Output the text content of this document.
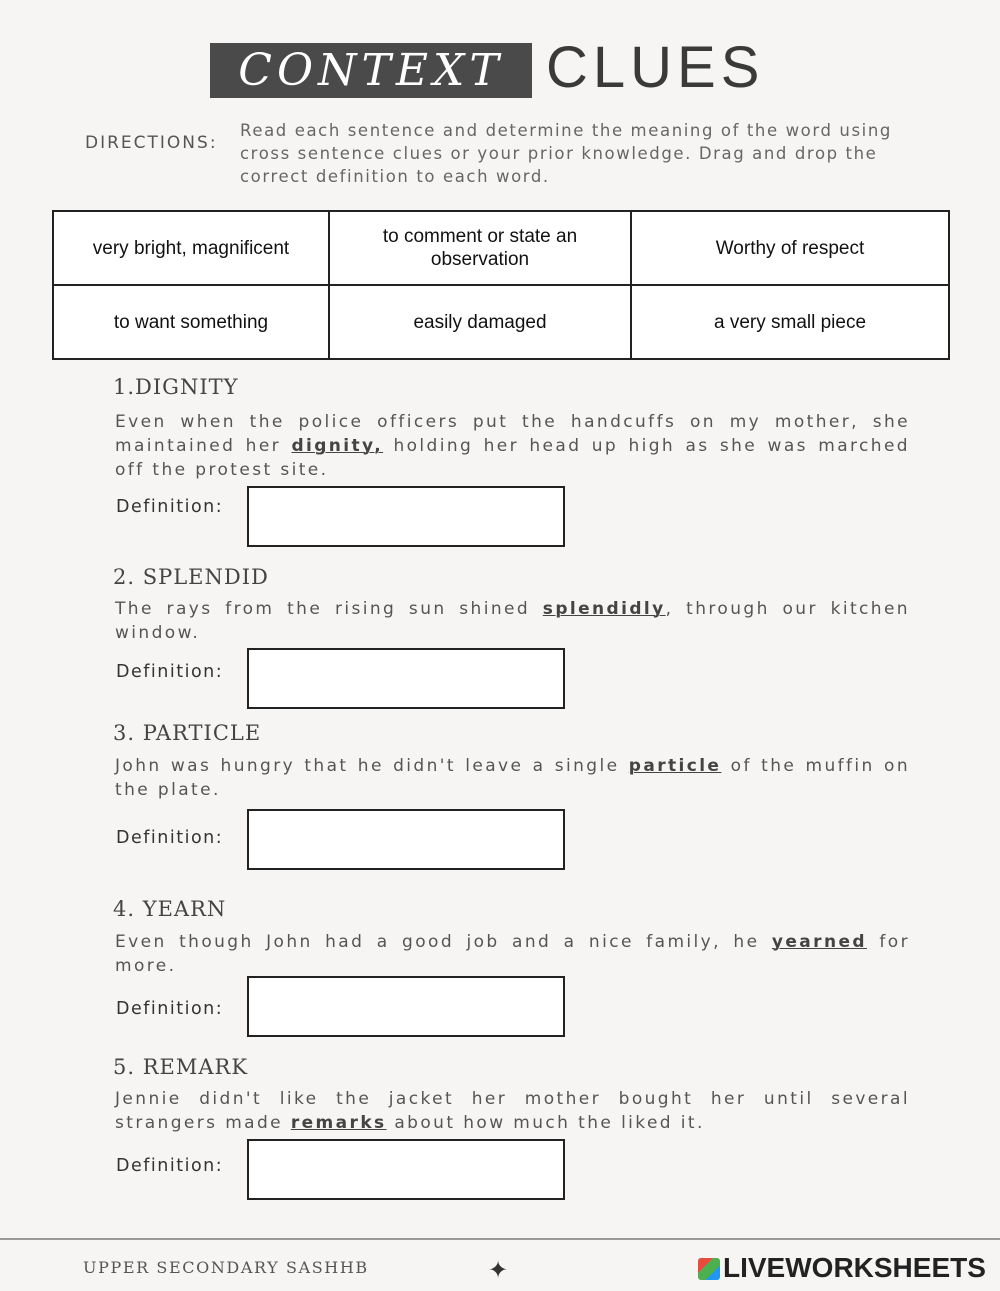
CONTEXT CLUES
DIRECTIONS:
Read each sentence and determine the meaning of the word using cross sentence clues or your prior knowledge. Drag and drop the correct definition to each word.
very bright, magnificent	to comment or state an observation	Worthy of respect
to want something	easily damaged	a very small piece
1.DIGNITY
Even when the police officers put the handcuffs on my mother, she maintained her dignity, holding her head up high as she was marched off the protest site.
Definition:
2. SPLENDID
The rays from the rising sun shined splendidly, through our kitchen window.
Definition:
3. PARTICLE
John was hungry that he didn't leave a single particle of the muffin on the plate.
Definition:
4. YEARN
Even though John had a good job and a nice family, he yearned for more.
Definition:
5. REMARK
Jennie didn't like the jacket her mother bought her until several strangers made remarks about how much the liked it.
Definition:
UPPER SECONDARY SASHHB	✦	LIVEWORKSHEETS
